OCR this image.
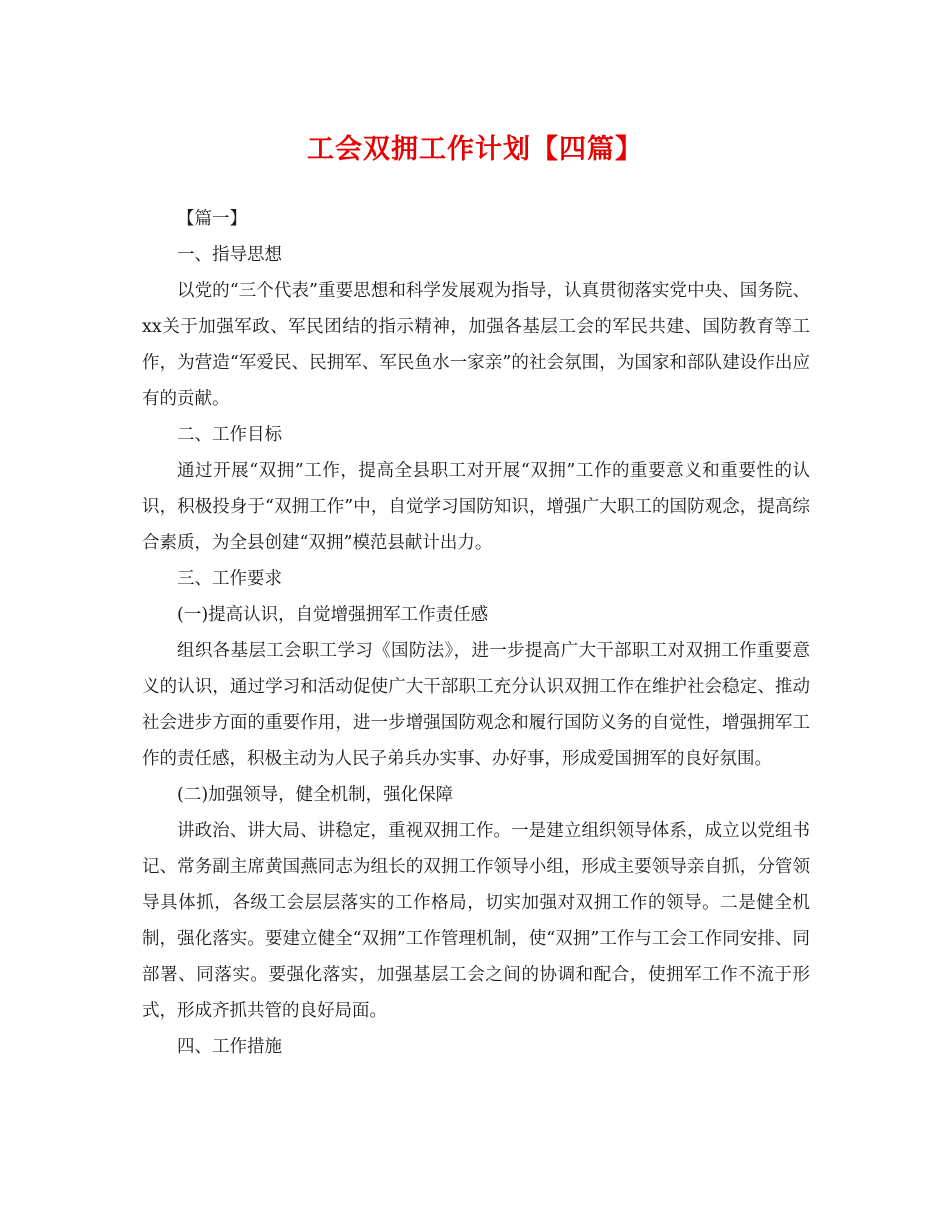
工会双拥工作计划【四篇】

【篇一】

一、指导思想

以党的“三个代表”重要思想和科学发展观为指导，认真贯彻落实党中央、国务院、xx关于加强军政、军民团结的指示精神，加强各基层工会的军民共建、国防教育等工作，为营造“军爱民、民拥军、军民鱼水一家亲”的社会氛围，为国家和部队建设作出应有的贡献。

二、工作目标

通过开展“双拥”工作，提高全县职工对开展“双拥”工作的重要意义和重要性的认识，积极投身于“双拥工作”中，自觉学习国防知识，增强广大职工的国防观念，提高综合素质，为全县创建“双拥”模范县献计出力。

三、工作要求

(一)提高认识，自觉增强拥军工作责任感

组织各基层工会职工学习《国防法》，进一步提高广大干部职工对双拥工作重要意义的认识，通过学习和活动促使广大干部职工充分认识双拥工作在维护社会稳定、推动社会进步方面的重要作用，进一步增强国防观念和履行国防义务的自觉性，增强拥军工作的责任感，积极主动为人民子弟兵办实事、办好事，形成爱国拥军的良好氛围。

(二)加强领导，健全机制，强化保障

讲政治、讲大局、讲稳定，重视双拥工作。一是建立组织领导体系，成立以党组书记、常务副主席黄国燕同志为组长的双拥工作领导小组，形成主要领导亲自抓，分管领导具体抓，各级工会层层落实的工作格局，切实加强对双拥工作的领导。二是健全机制，强化落实。要建立健全“双拥”工作管理机制，使“双拥”工作与工会工作同安排、同部署、同落实。要强化落实，加强基层工会之间的协调和配合，使拥军工作不流于形式，形成齐抓共管的良好局面。

四、工作措施
